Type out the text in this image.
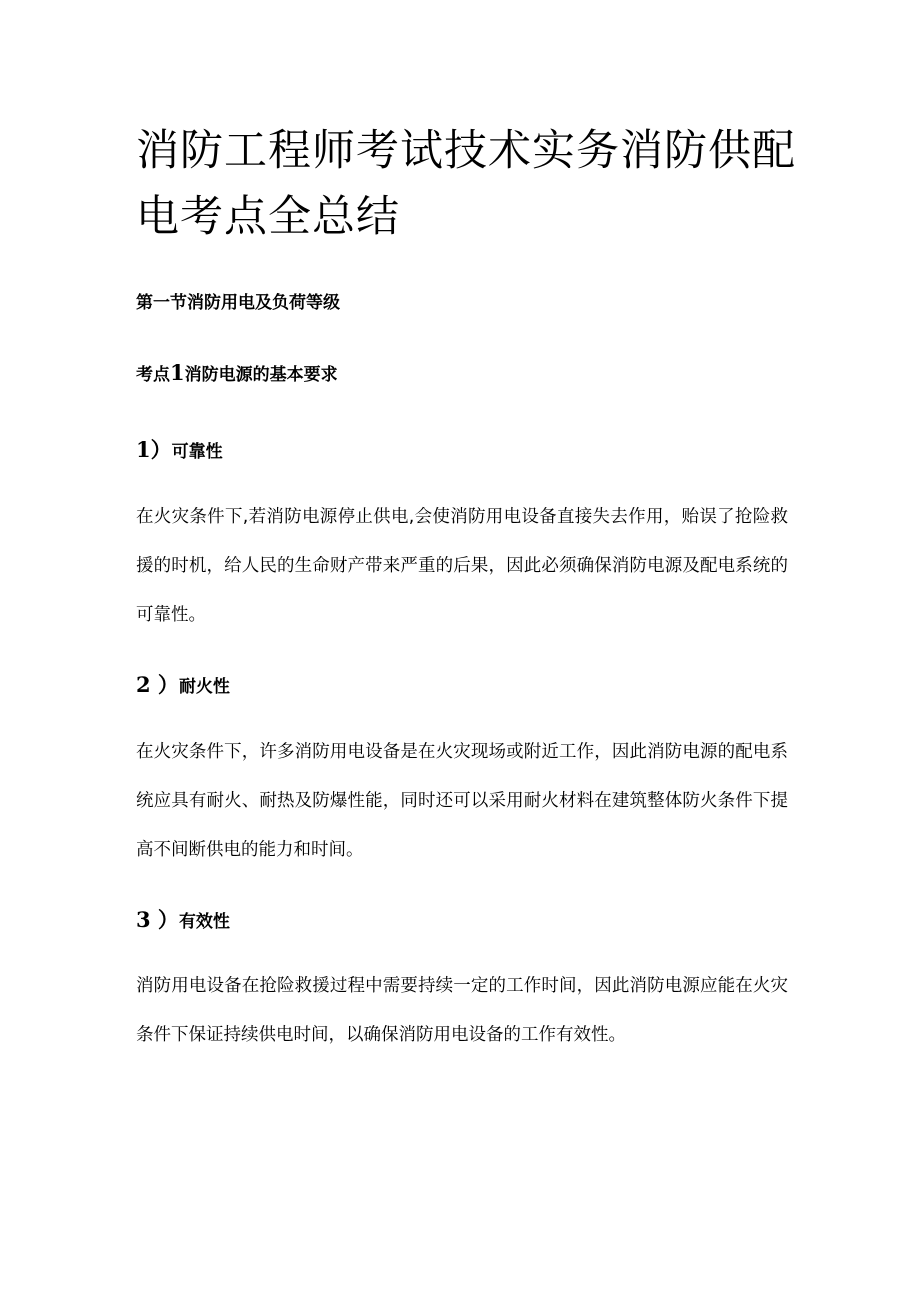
消防工程师考试技术实务消防供配电考点全总结

第一节消防用电及负荷等级

考点1消防电源的基本要求

1）可靠性

在火灾条件下,若消防电源停止供电,会使消防用电设备直接失去作用，贻误了抢险救援的时机，给人民的生命财产带来严重的后果，因此必须确保消防电源及配电系统的可靠性。

2 ）耐火性

在火灾条件下，许多消防用电设备是在火灾现场或附近工作，因此消防电源的配电系统应具有耐火、耐热及防爆性能，同时还可以采用耐火材料在建筑整体防火条件下提高不间断供电的能力和时间。

3 ）有效性

消防用电设备在抢险救援过程中需要持续一定的工作时间，因此消防电源应能在火灾条件下保证持续供电时间，以确保消防用电设备的工作有效性。
